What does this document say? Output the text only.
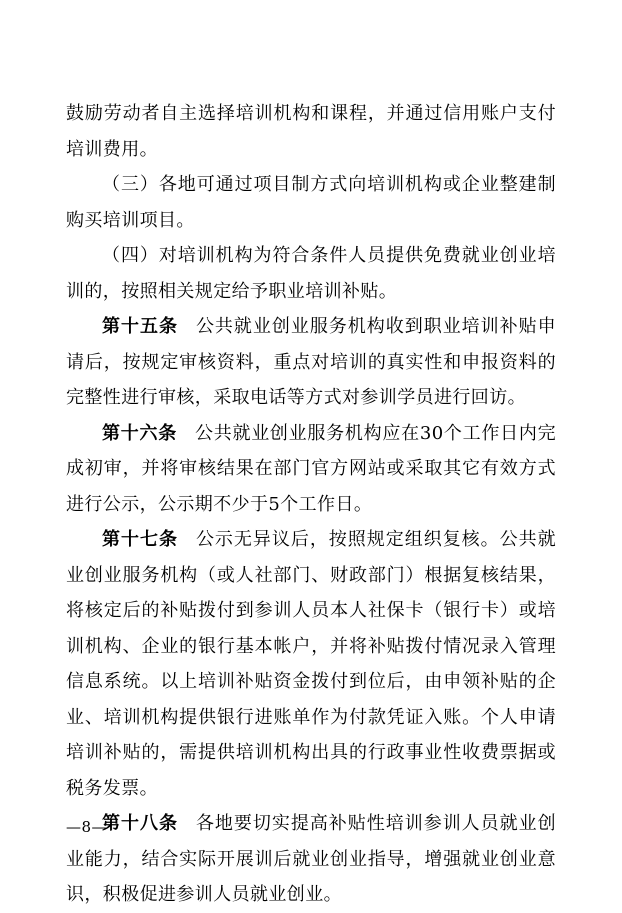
鼓励劳动者自主选择培训机构和课程，并通过信用账户支付培训费用。

（三）各地可通过项目制方式向培训机构或企业整建制购买培训项目。

（四）对培训机构为符合条件人员提供免费就业创业培训的，按照相关规定给予职业培训补贴。

第十五条 公共就业创业服务机构收到职业培训补贴申请后，按规定审核资料，重点对培训的真实性和申报资料的完整性进行审核，采取电话等方式对参训学员进行回访。

第十六条 公共就业创业服务机构应在30个工作日内完成初审，并将审核结果在部门官方网站或采取其它有效方式进行公示，公示期不少于5个工作日。

第十七条 公示无异议后，按照规定组织复核。公共就业创业服务机构（或人社部门、财政部门）根据复核结果，将核定后的补贴拨付到参训人员本人社保卡（银行卡）或培训机构、企业的银行基本帐户，并将补贴拨付情况录入管理信息系统。以上培训补贴资金拨付到位后，由申领补贴的企业、培训机构提供银行进账单作为付款凭证入账。个人申请培训补贴的，需提供培训机构出具的行政事业性收费票据或税务发票。

第十八条 各地要切实提高补贴性培训参训人员就业创业能力，结合实际开展训后就业创业指导，增强就业创业意识，积极促进参训人员就业创业。

—8—
